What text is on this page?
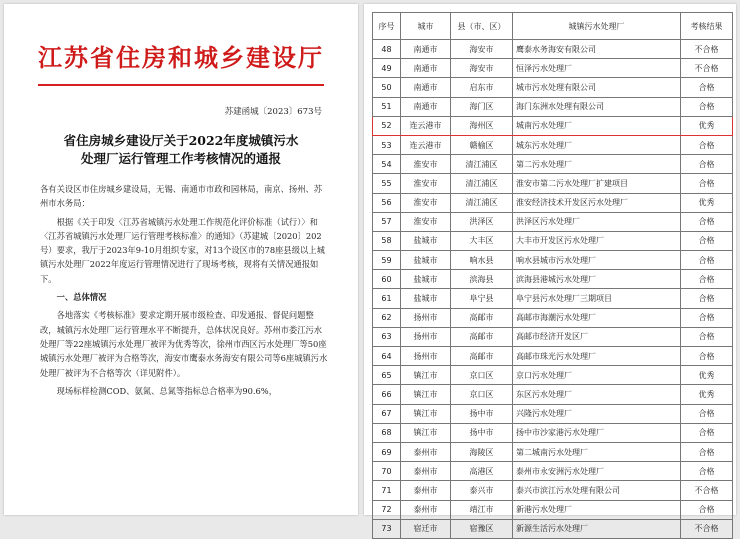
江苏省住房和城乡建设厅
苏建函城〔2023〕673号
省住房城乡建设厅关于2022年度城镇污水
处理厂运行管理工作考核情况的通报

各有关设区市住房城乡建设局，无锡、南通市市政和园林局，南京、扬州、苏州市水务局：

根据《关于印发〈江苏省城镇污水处理工作规范化评价标准（试行）〉和〈江苏省城镇污水处理厂运行管理考核标准〉的通知》（苏建城〔2020〕202号）要求，我厅于2023年9-10月组织专家，对13个设区市的78座县级以上城镇污水处理厂2022年度运行管理情况进行了现场考核，现将有关情况通报如下。

一、总体情况

各地落实《考核标准》要求定期开展市级检查、印发通报、督促问题整改，城镇污水处理厂运行管理水平不断提升，总体状况良好。苏州市娄江污水处理厂等22座城镇污水处理厂被评为优秀等次，徐州市西区污水处理厂等50座城镇污水处理厂被评为合格等次，海安市鹰泰水务海安有限公司等6座城镇污水处理厂被评为不合格等次（详见附件）。

现场标样检测COD、氨氮、总氮等指标总合格率为90.6%，

序号	城市	县（市、区）	城镇污水处理厂	考核结果
48	南通市	海安市	鹰泰水务海安有限公司	不合格
49	南通市	海安市	恒泽污水处理厂	不合格
50	南通市	启东市	城市污水处理有限公司	合格
51	南通市	海门区	海门东洲水处理有限公司	合格
52	连云港市	海州区	城南污水处理厂	优秀
53	连云港市	赣榆区	城东污水处理厂	合格
54	淮安市	清江浦区	第二污水处理厂	合格
55	淮安市	清江浦区	淮安市第二污水处理厂扩建项目	合格
56	淮安市	清江浦区	淮安经济技术开发区污水处理厂	优秀
57	淮安市	洪泽区	洪泽区污水处理厂	合格
58	盐城市	大丰区	大丰市开发区污水处理厂	合格
59	盐城市	响水县	响水县城市污水处理厂	合格
60	盐城市	滨海县	滨海县港城污水处理厂	合格
61	盐城市	阜宁县	阜宁县污水处理厂三期项目	合格
62	扬州市	高邮市	高邮市海潮污水处理厂	合格
63	扬州市	高邮市	高邮市经济开发区厂	合格
64	扬州市	高邮市	高邮市珠光污水处理厂	合格
65	镇江市	京口区	京口污水处理厂	优秀
66	镇江市	京口区	东区污水处理厂	优秀
67	镇江市	扬中市	兴隆污水处理厂	合格
68	镇江市	扬中市	扬中市沙家港污水处理厂	合格
69	泰州市	海陵区	第二城南污水处理厂	合格
70	泰州市	高港区	泰州市永安洲污水处理厂	合格
71	泰州市	泰兴市	泰兴市滨江污水处理有限公司	不合格
72	泰州市	靖江市	新港污水处理厂	合格
73	宿迁市	宿豫区	新源生活污水处理厂	不合格
